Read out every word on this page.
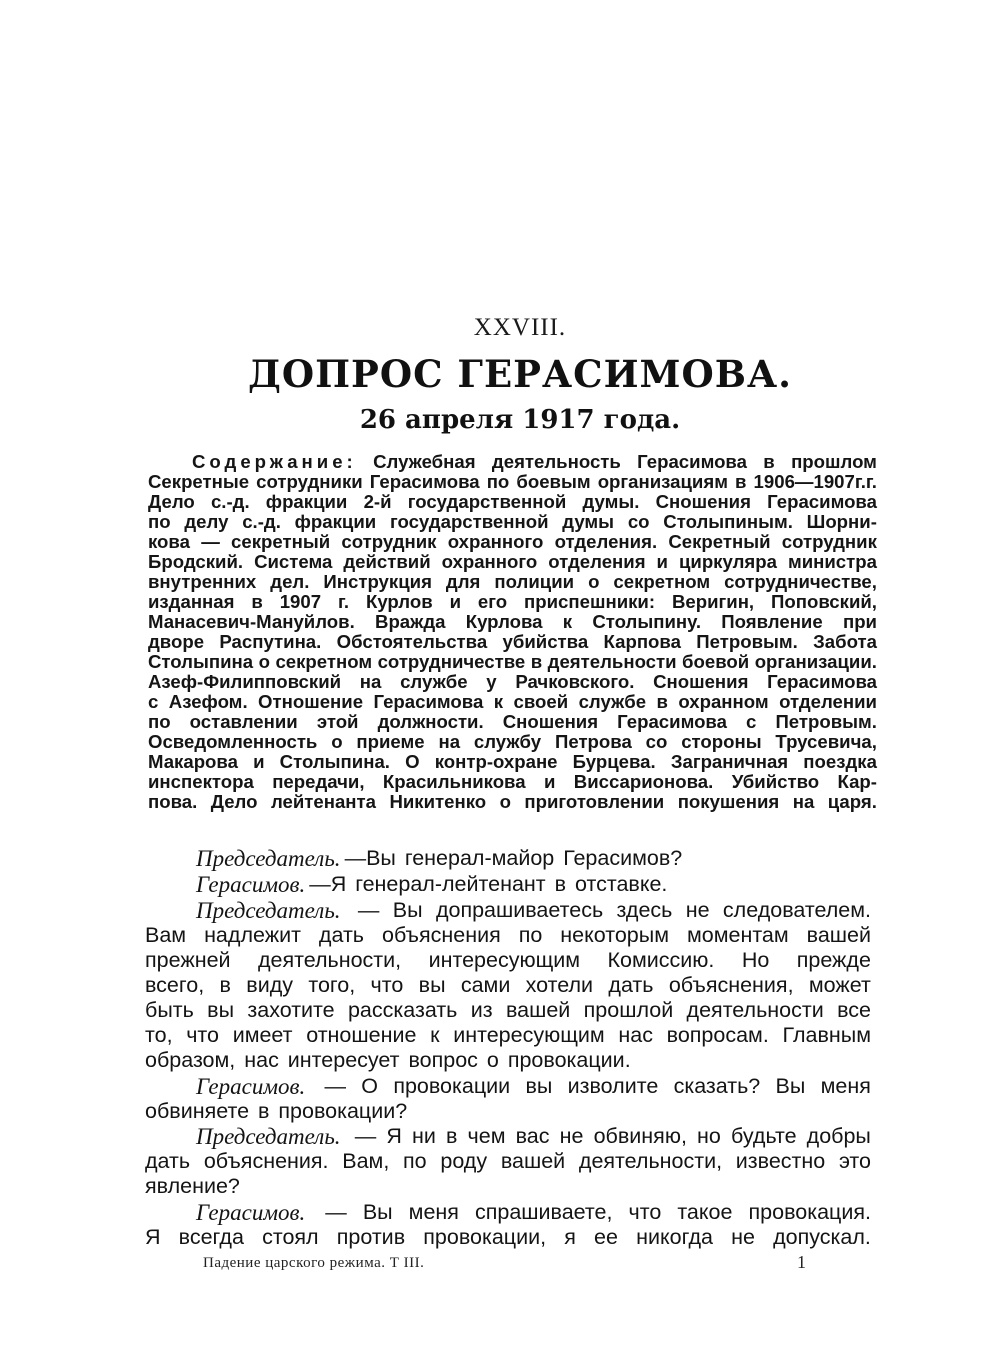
XXVIII.
ДОПРОС ГЕРАСИМОВА.
26 апреля 1917 года.
Содержание: Служебная деятельность Герасимова в прошлом
Секретные сотрудники Герасимова по боевым организациям в 1906—1907г.г.
Дело с.-д. фракции 2-й государственной думы. Сношения Герасимова
по делу с.-д. фракции государственной думы со Столыпиным. Шорни-
кова — секретный сотрудник охранного отделения. Секретный сотрудник
Бродский. Система действий охранного отделения и циркуляра министра
внутренних дел. Инструкция для полиции о секретном сотрудничестве,
изданная в 1907 г. Курлов и его приспешники: Веригин, Поповский,
Манасевич-Мануйлов. Вражда Курлова к Столыпину. Появление при
дворе Распутина. Обстоятельства убийства Карпова Петровым. Забота
Столыпина о секретном сотрудничестве в деятельности боевой организации.
Азеф-Филипповский на службе у Рачковского. Сношения Герасимова
с Азефом. Отношение Герасимова к своей службе в охранном отделении
по оставлении этой должности. Сношения Герасимова с Петровым.
Осведомленность о приеме на службу Петрова со стороны Трусевича,
Макарова и Столыпина. О контр-охране Бурцева. Заграничная поездка
инспектора передачи, Красильникова и Виссарионова. Убийство Кар-
пова. Дело лейтенанта Никитенко о приготовлении покушения на царя.
Председатель. —Вы генерал-майор Герасимов?
Герасимов. —Я генерал-лейтенант в отставке.
Председатель. — Вы допрашиваетесь здесь не следователем.
Вам надлежит дать объяснения по некоторым моментам вашей
прежней деятельности, интересующим Комиссию. Но прежде
всего, в виду того, что вы сами хотели дать объяснения, может
быть вы захотите рассказать из вашей прошлой деятельности все
то, что имеет отношение к интересующим нас вопросам. Главным
образом, нас интересует вопрос о провокации.
Герасимов. — О провокации вы изволите сказать? Вы меня
обвиняете в провокации?
Председатель. — Я ни в чем вас не обвиняю, но будьте добры
дать объяснения. Вам, по роду вашей деятельности, известно это
явление?
Герасимов. — Вы меня спрашиваете, что такое провокация.
Я всегда стоял против провокации, я ее никогда не допускал.
Падение царского режима. Т III.	1
